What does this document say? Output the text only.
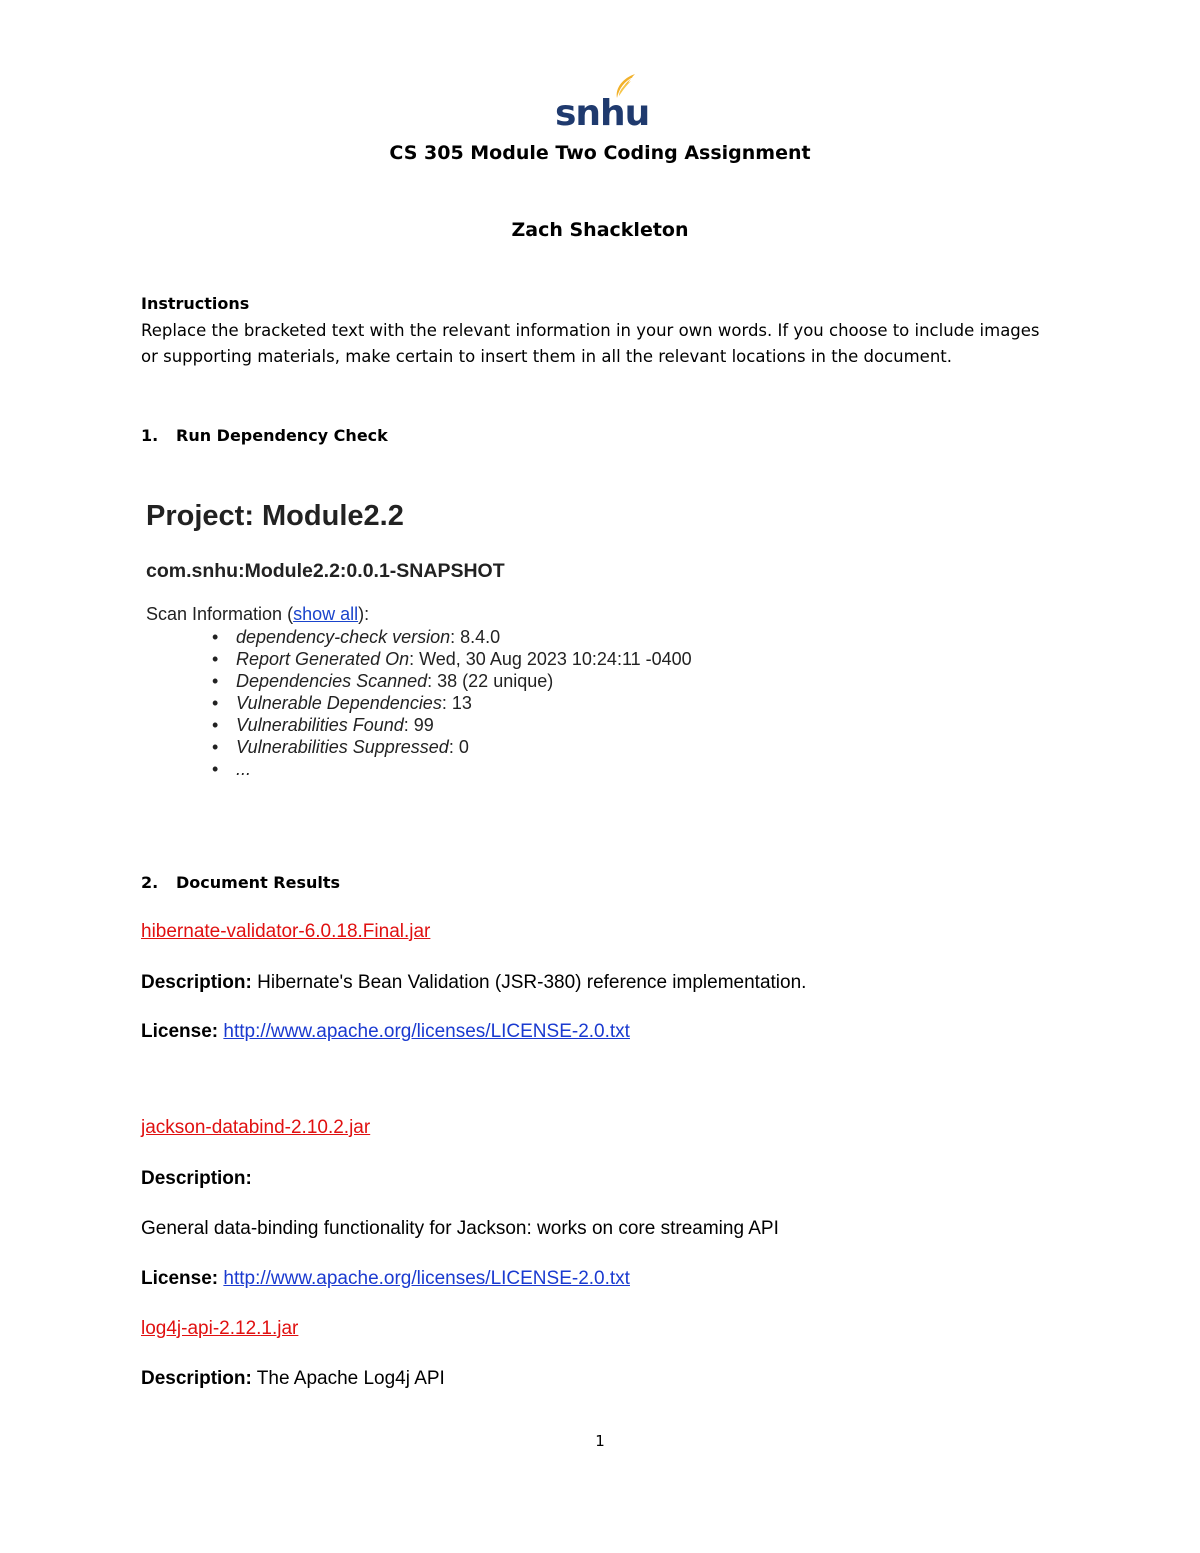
snhu
CS 305 Module Two Coding Assignment
Zach Shackleton
Instructions
Replace the bracketed text with the relevant information in your own words. If you choose to include images or supporting materials, make certain to insert them in all the relevant locations in the document.
1. Run Dependency Check
Project: Module2.2
com.snhu:Module2.2:0.0.1-SNAPSHOT
Scan Information (show all):
• dependency-check version: 8.4.0
• Report Generated On: Wed, 30 Aug 2023 10:24:11 -0400
• Dependencies Scanned: 38 (22 unique)
• Vulnerable Dependencies: 13
• Vulnerabilities Found: 99
• Vulnerabilities Suppressed: 0
• ...
2. Document Results
hibernate-validator-6.0.18.Final.jar
Description: Hibernate's Bean Validation (JSR-380) reference implementation.
License: http://www.apache.org/licenses/LICENSE-2.0.txt
jackson-databind-2.10.2.jar
Description:
General data-binding functionality for Jackson: works on core streaming API
License: http://www.apache.org/licenses/LICENSE-2.0.txt
log4j-api-2.12.1.jar
Description: The Apache Log4j API
1
